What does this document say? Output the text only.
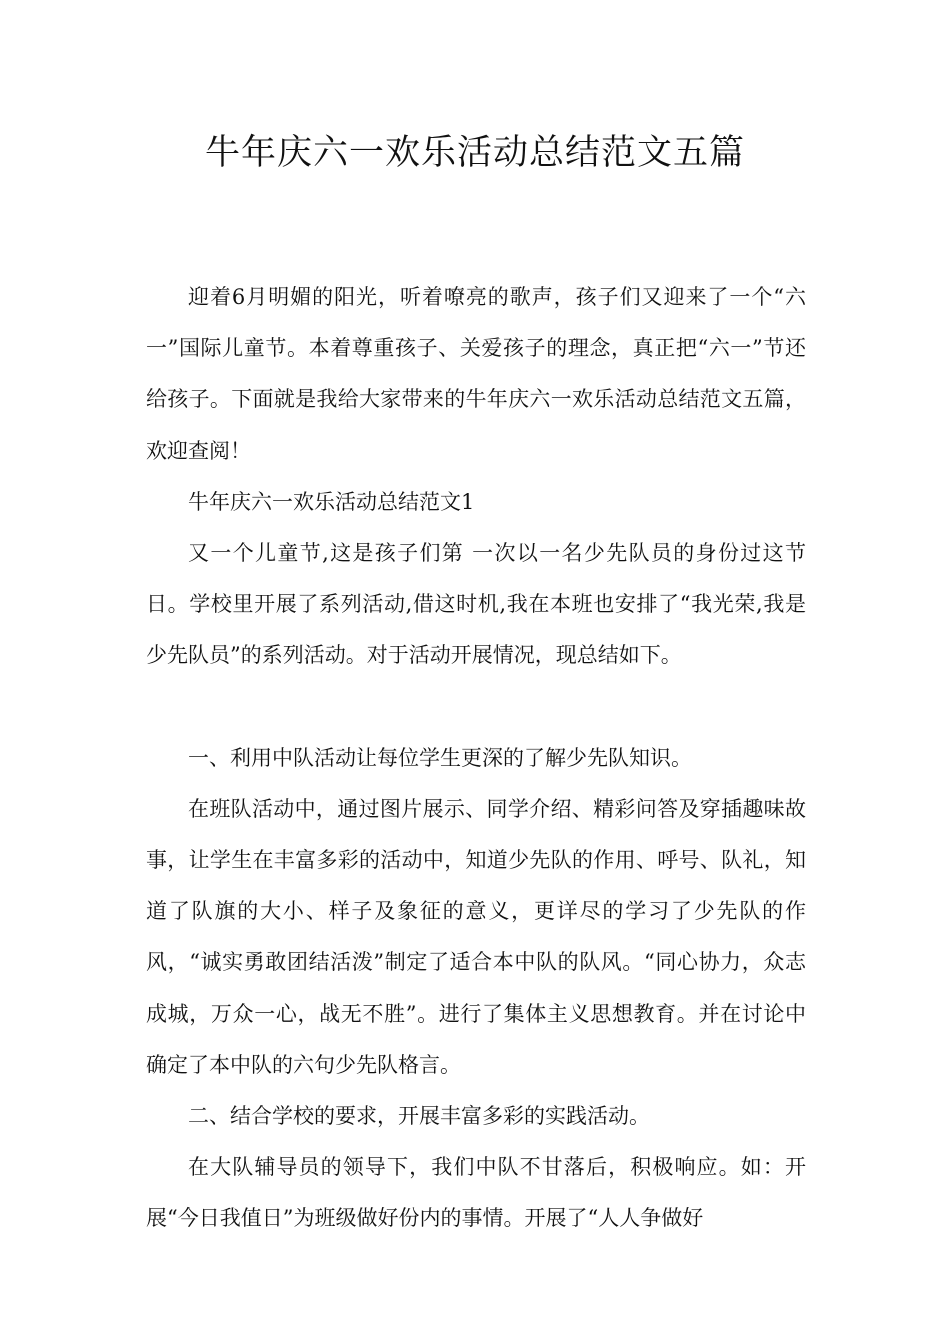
牛年庆六一欢乐活动总结范文五篇

迎着6月明媚的阳光，听着嘹亮的歌声，孩子们又迎来了一个“六一”国际儿童节。本着尊重孩子、关爱孩子的理念，真正把“六一”节还给孩子。下面就是我给大家带来的牛年庆六一欢乐活动总结范文五篇，欢迎查阅！

牛年庆六一欢乐活动总结范文1

又一个儿童节,这是孩子们第 一次以一名少先队员的身份过这节日。学校里开展了系列活动,借这时机,我在本班也安排了“我光荣,我是少先队员”的系列活动。对于活动开展情况，现总结如下。

一、利用中队活动让每位学生更深的了解少先队知识。

在班队活动中，通过图片展示、同学介绍、精彩问答及穿插趣味故事，让学生在丰富多彩的活动中，知道少先队的作用、呼号、队礼，知道了队旗的大小、样子及象征的意义，更详尽的学习了少先队的作风，“诚实勇敢团结活泼”制定了适合本中队的队风。“同心协力，众志成城，万众一心，战无不胜”。进行了集体主义思想教育。并在讨论中确定了本中队的六句少先队格言。

二、结合学校的要求，开展丰富多彩的实践活动。

在大队辅导员的领导下，我们中队不甘落后，积极响应。如：开展“今日我值日”为班级做好份内的事情。开展了“人人争做好
